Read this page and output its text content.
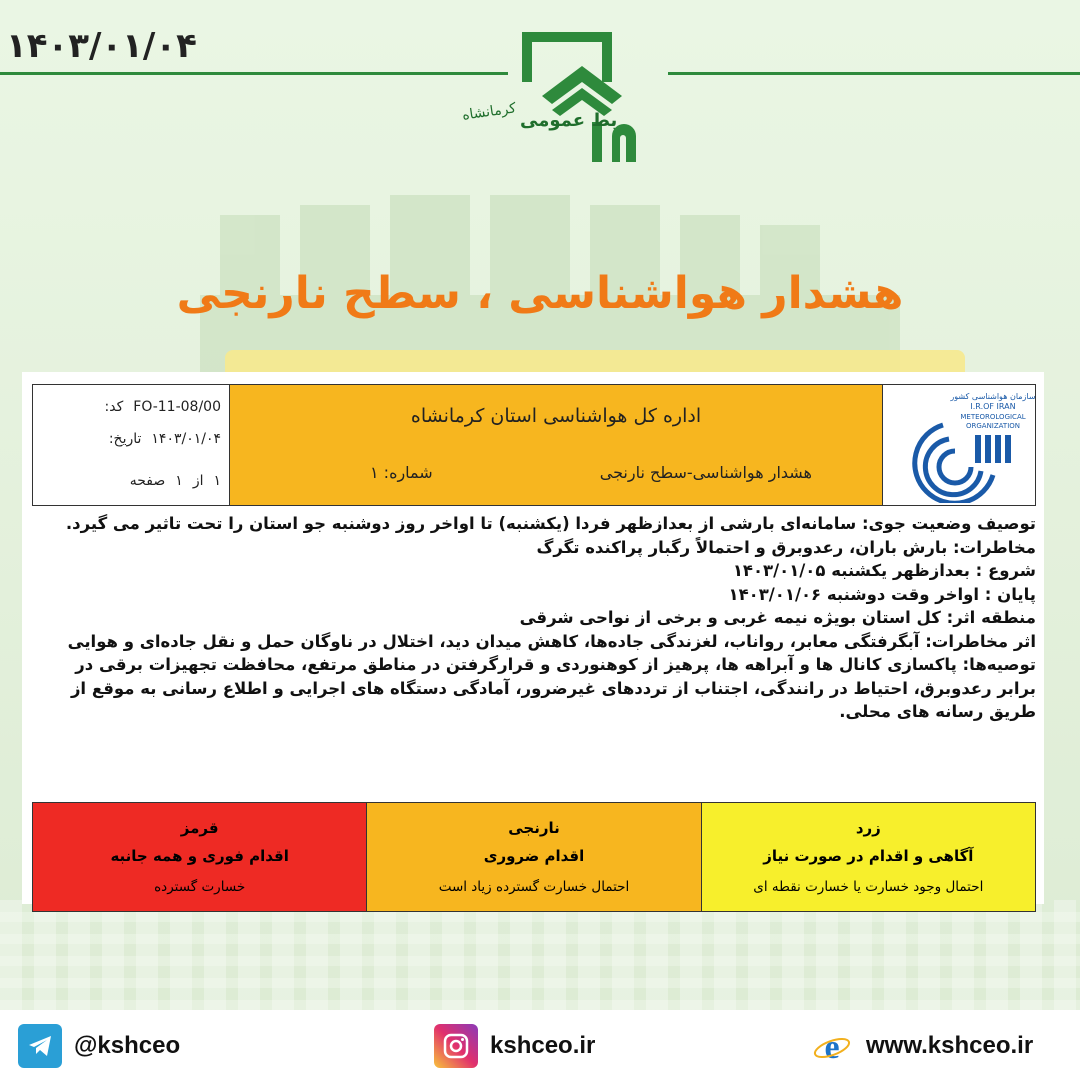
۱۴۰۳/۰۱/۰۴
بط عمومی
کرمانشاه
هشدار هواشناسی ، سطح نارنجی
کد: FO-11-08/00
تاریخ: ۱۴۰۳/۰۱/۰۴
صفحه ۱ از ۱
اداره کل هواشناسی استان کرمانشاه
هشدار هواشناسی-سطح نارنجی
شماره: ۱
سازمان هواشناسی کشور
I.R.OF IRAN
METEOROLOGICAL
ORGANIZATION

توصیف وضعیت جوی: سامانه‌ای بارشی از بعدازظهر فردا (یکشنبه) تا اواخر روز دوشنبه جو استان را تحت تاثیر می گیرد.

مخاطرات: بارش باران، رعدوبرق و احتمالاً رگبار پراکنده تگرگ

شروع : بعدازظهر یکشنبه ۱۴۰۳/۰۱/۰۵

پایان : اواخر وقت دوشنبه ۱۴۰۳/۰۱/۰۶

منطقه اثر: کل استان بویژه نیمه غربی و برخی از نواحی شرقی

اثر مخاطرات: آبگرفتگی معابر، رواناب، لغزندگی جاده‌ها، کاهش میدان دید، اختلال در ناوگان حمل و نقل جاده‌ای و هوایی

توصیه‌ها: پاکسازی کانال ها و آبراهه ها، پرهیز از کوهنوردی و قرارگرفتن در مناطق مرتفع، محافظت تجهیزات برقی در برابر رعدوبرق، احتیاط در رانندگی، اجتناب از ترددهای غیرضرور، آمادگی دستگاه های اجرایی و اطلاع رسانی به موقع از طریق رسانه های محلی.

قرمز
اقدام فوری و همه جانبه
خسارت گسترده
نارنجی
اقدام ضروری
احتمال خسارت گسترده زیاد است
زرد
آگاهی و اقدام در صورت نیاز
احتمال وجود خسارت یا خسارت نقطه ای
@kshceo	kshceo.ir	e www.kshceo.ir
